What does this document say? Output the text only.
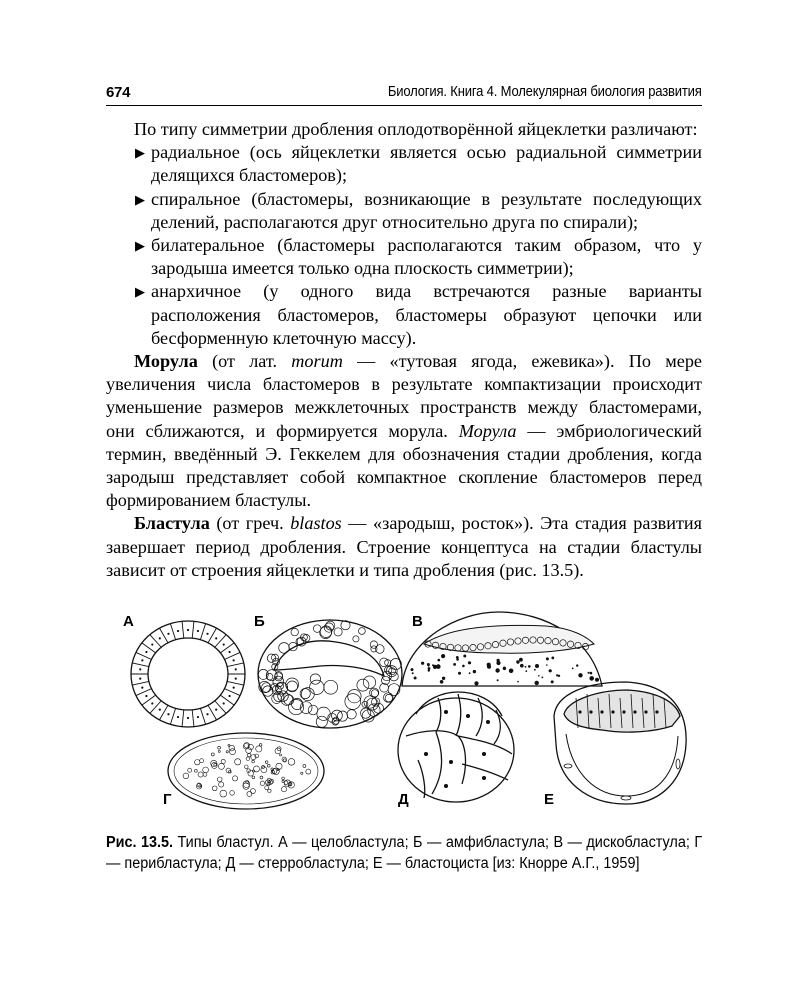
674	Биология. Книга 4. Молекулярная биология развития

По типу симметрии дробления оплодотворённой яйцеклетки различают:

▶ радиальное (ось яйцеклетки является осью радиальной симметрии делящихся бластомеров);
▶ спиральное (бластомеры, возникающие в результате последующих делений, располагаются друг относительно друга по спирали);
▶ билатеральное (бластомеры располагаются таким образом, что у зародыша имеется только одна плоскость симметрии);
▶ анархичное (у одного вида встречаются разные варианты расположения бластомеров, бластомеры образуют цепочки или бесформенную клеточную массу).

Морула (от лат. morum — «тутовая ягода, ежевика»). По мере увеличения числа бластомеров в результате компактизации происходит уменьшение размеров межклеточных пространств между бластомерами, они сближаются, и формируется морула. Морула — эмбриологический термин, введённый Э. Геккелем для обозначения стадии дробления, когда зародыш представляет собой компактное скопление бластомеров перед формированием бластулы.

Бластула (от греч. blastos — «зародыш, росток»). Эта стадия развития завершает период дробления. Строение концептуса на стадии бластулы зависит от строения яйцеклетки и типа дробления (рис. 13.5).

А	Б	В
Г	Д	Е
Рис. 13.5. Типы бластул. А — целобластула; Б — амфибластула; В — дискобластула; Г — перибластула; Д — стерробластула; Е — бластоциста [из: Кнорре А.Г., 1959]
